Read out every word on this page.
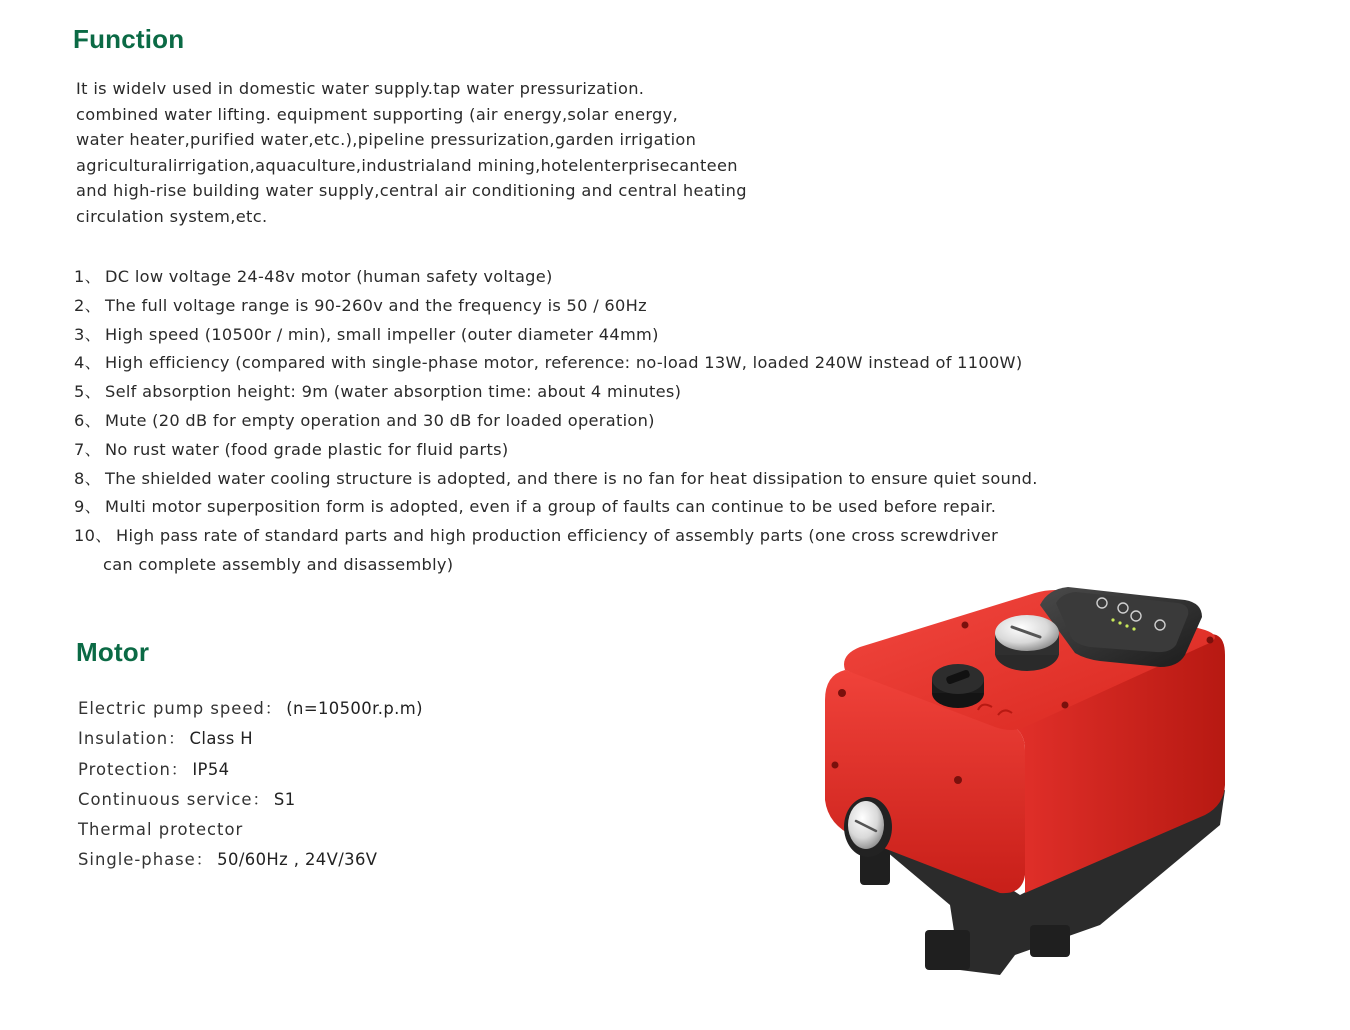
Function

It is widelv used in domestic water supply.tap water pressurization.
combined water lifting. equipment supporting (air energy,solar energy,
water heater,purified water,etc.),pipeline pressurization,garden irrigation
agriculturalirrigation,aquaculture,industrialand mining,hotelenterprisecanteen
and high-rise building water supply,central air conditioning and central heating
circulation system,etc.

1、 DC low voltage 24-48v motor (human safety voltage)
2、 The full voltage range is 90-260v and the frequency is 50 / 60Hz
3、 High speed (10500r / min), small impeller (outer diameter 44mm)
4、 High efficiency (compared with single-phase motor, reference: no-load 13W, loaded 240W instead of 1100W)
5、 Self absorption height: 9m (water absorption time: about 4 minutes)
6、 Mute (20 dB for empty operation and 30 dB for loaded operation)
7、 No rust water (food grade plastic for fluid parts)
8、 The shielded water cooling structure is adopted, and there is no fan for heat dissipation to ensure quiet sound.
9、 Multi motor superposition form is adopted, even if a group of faults can continue to be used before repair.
10、 High pass rate of standard parts and high production efficiency of assembly parts (one cross screwdriver
can complete assembly and disassembly)
Motor
Electric pump speed： (n=10500r.p.m)
Insulation： Class H
Protection： IP54
Continuous service： S1
Thermal protector
Single-phase： 50/60Hz , 24V/36V
